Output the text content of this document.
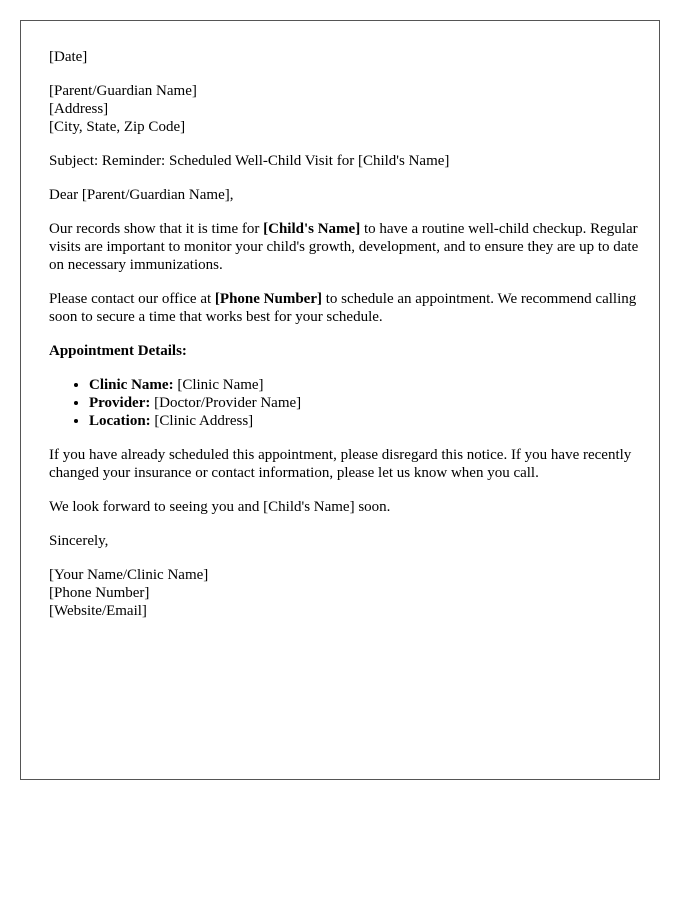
[Date]

[Parent/Guardian Name]
[Address]
[City, State, Zip Code]

Subject: Reminder: Scheduled Well-Child Visit for [Child's Name]

Dear [Parent/Guardian Name],

Our records show that it is time for [Child's Name] to have a routine well-child checkup. Regular visits are important to monitor your child's growth, development, and to ensure they are up to date on necessary immunizations.

Please contact our office at [Phone Number] to schedule an appointment. We recommend calling soon to secure a time that works best for your schedule.

Appointment Details:
• Clinic Name: [Clinic Name]
• Provider: [Doctor/Provider Name]
• Location: [Clinic Address]

If you have already scheduled this appointment, please disregard this notice. If you have recently changed your insurance or contact information, please let us know when you call.

We look forward to seeing you and [Child's Name] soon.

Sincerely,

[Your Name/Clinic Name]
[Phone Number]
[Website/Email]
